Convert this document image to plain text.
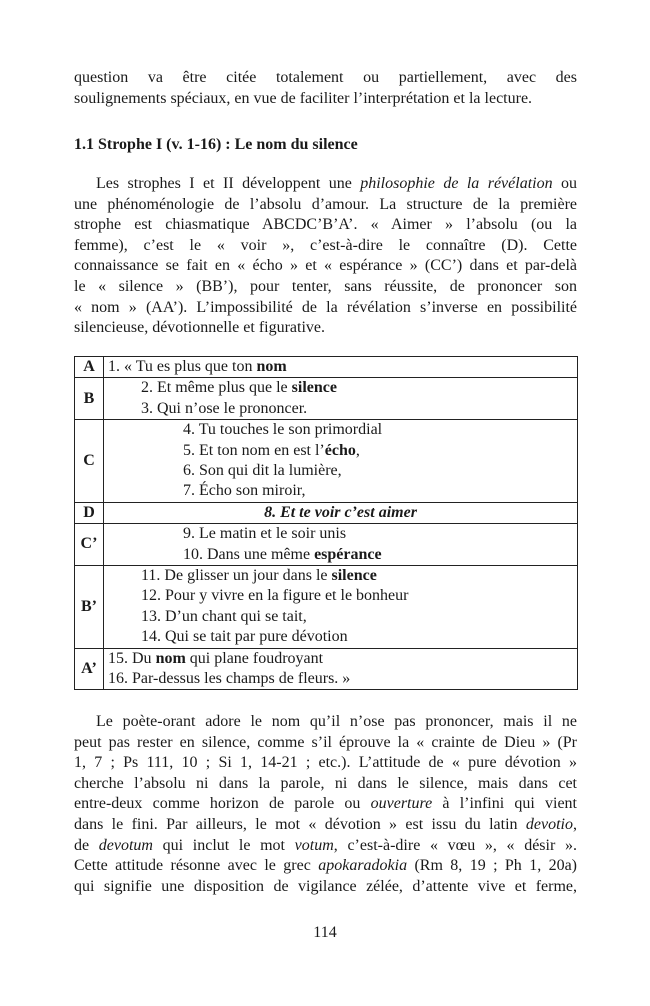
question va être citée totalement ou partiellement, avec des
soulignements spéciaux, en vue de faciliter l’interprétation et la lecture.
1.1 Strophe I (v. 1-16) : Le nom du silence
Les strophes I et II développent une philosophie de la révélation ou
une phénoménologie de l’absolu d’amour. La structure de la première
strophe est chiasmatique ABCDC’B’A’. « Aimer » l’absolu (ou la
femme), c’est le « voir », c’est-à-dire le connaître (D). Cette
connaissance se fait en « écho » et « espérance » (CC’) dans et par-delà
le « silence » (BB’), pour tenter, sans réussite, de prononcer son
« nom » (AA’). L’impossibilité de la révélation s’inverse en possibilité
silencieuse, dévotionnelle et figurative.
A	1. « Tu es plus que ton nom

B	2. Et même plus que le silence
3. Qui n’ose le prononcer.

C	4. Tu touches le son primordial
5. Et ton nom en est l’écho,
6. Son qui dit la lumière,
7. Écho son miroir,

D	8. Et te voir c’est aimer

C’	9. Le matin et le soir unis
10. Dans une même espérance

B’	11. De glisser un jour dans le silence
12. Pour y vivre en la figure et le bonheur
13. D’un chant qui se tait,
14. Qui se tait par pure dévotion

A’	15. Du nom qui plane foudroyant
16. Par-dessus les champs de fleurs. »
Le poète-orant adore le nom qu’il n’ose pas prononcer, mais il ne
peut pas rester en silence, comme s’il éprouve la « crainte de Dieu » (Pr
1, 7 ; Ps 111, 10 ; Si 1, 14-21 ; etc.). L’attitude de « pure dévotion »
cherche l’absolu ni dans la parole, ni dans le silence, mais dans cet
entre-deux comme horizon de parole ou ouverture à l’infini qui vient
dans le fini. Par ailleurs, le mot « dévotion » est issu du latin devotio,
de devotum qui inclut le mot votum, c’est-à-dire « vœu », « désir ».
Cette attitude résonne avec le grec apokaradokia (Rm 8, 19 ; Ph 1, 20a)
qui signifie une disposition de vigilance zélée, d’attente vive et ferme,
114
